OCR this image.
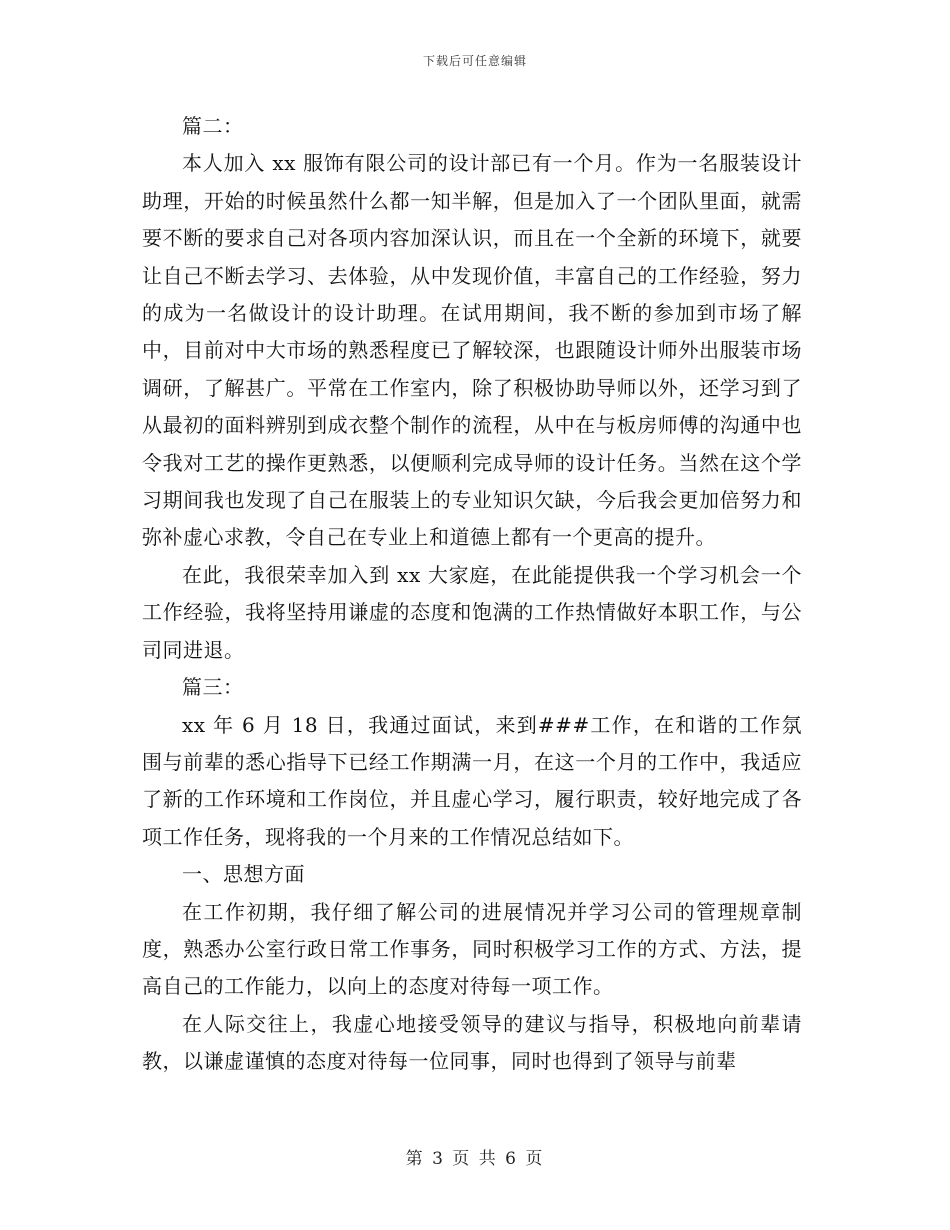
下载后可任意编辑

篇二：

本人加入 xx 服饰有限公司的设计部已有一个月。作为一名服装设计助理，开始的时候虽然什么都一知半解，但是加入了一个团队里面，就需要不断的要求自己对各项内容加深认识，而且在一个全新的环境下，就要让自己不断去学习、去体验，从中发现价值，丰富自己的工作经验，努力的成为一名做设计的设计助理。在试用期间，我不断的参加到市场了解中，目前对中大市场的熟悉程度已了解较深，也跟随设计师外出服装市场调研，了解甚广。平常在工作室内，除了积极协助导师以外，还学习到了从最初的面料辨别到成衣整个制作的流程，从中在与板房师傅的沟通中也令我对工艺的操作更熟悉，以便顺利完成导师的设计任务。当然在这个学习期间我也发现了自己在服装上的专业知识欠缺，今后我会更加倍努力和弥补虚心求教，令自己在专业上和道德上都有一个更高的提升。

在此，我很荣幸加入到 xx 大家庭，在此能提供我一个学习机会一个工作经验，我将坚持用谦虚的态度和饱满的工作热情做好本职工作，与公司同进退。

篇三：

xx 年 6 月 18 日，我通过面试，来到###工作，在和谐的工作氛围与前辈的悉心指导下已经工作期满一月，在这一个月的工作中，我适应了新的工作环境和工作岗位，并且虚心学习，履行职责，较好地完成了各项工作任务，现将我的一个月来的工作情况总结如下。

一、思想方面

在工作初期，我仔细了解公司的进展情况并学习公司的管理规章制度，熟悉办公室行政日常工作事务，同时积极学习工作的方式、方法，提高自己的工作能力，以向上的态度对待每一项工作。

在人际交往上，我虚心地接受领导的建议与指导，积极地向前辈请教，以谦虚谨慎的态度对待每一位同事，同时也得到了领导与前辈

第 3 页 共 6 页
